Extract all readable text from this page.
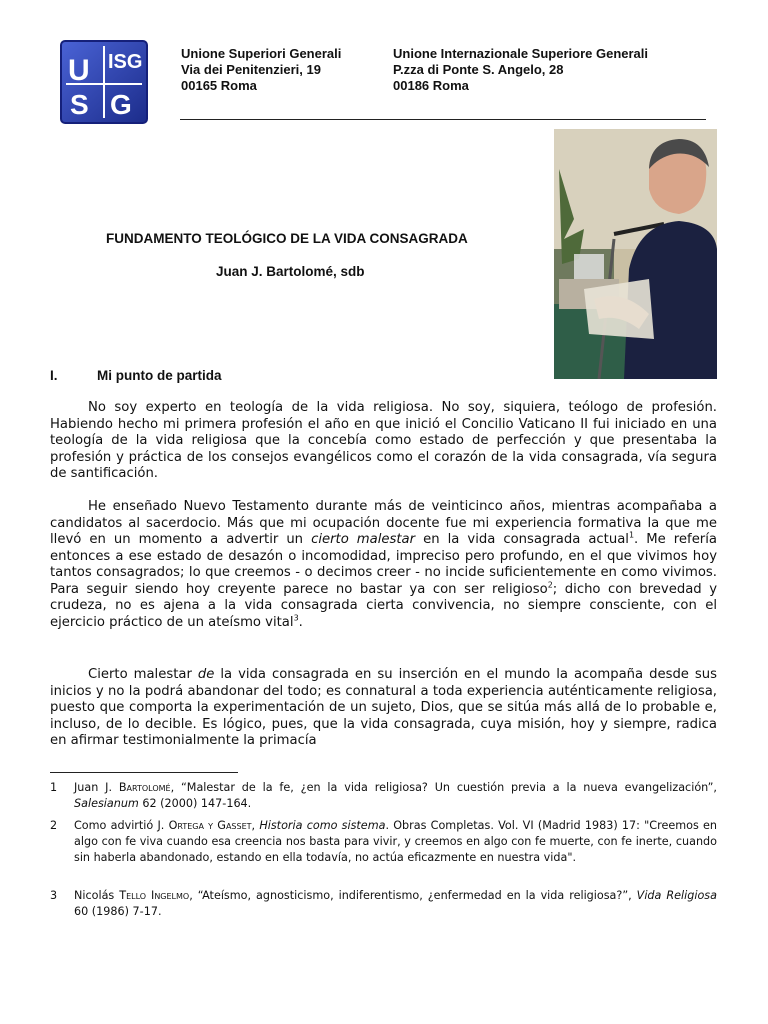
U ISG
S G
Unione Superiori Generali
Via dei Penitenzieri, 19
00165 Roma
Unione Internazionale Superiore Generali
P.zza di Ponte S. Angelo, 28
00186 Roma
FUNDAMENTO TEOLÓGICO DE LA VIDA CONSAGRADA
Juan J. Bartolomé, sdb
I.	Mi punto de partida

No soy experto en teología de la vida religiosa. No soy, siquiera, teólogo de profesión. Habiendo hecho mi primera profesión el año en que inició el Concilio Vaticano II fui iniciado en una teología de la vida religiosa que la concebía como estado de perfección y que presentaba la profesión y práctica de los consejos evangélicos como el corazón de la vida consagrada, vía segura de santificación.

He enseñado Nuevo Testamento durante más de veinticinco años, mientras acompañaba a candidatos al sacerdocio. Más que mi ocupación docente fue mi experiencia formativa la que me llevó en un momento a advertir un cierto malestar en la vida consagrada actual$^1$. Me refería entonces a ese estado de desazón o incomodidad, impreciso pero profundo, en el que vivimos hoy tantos consagrados; lo que creemos - o decimos creer - no incide suficientemente en como vivimos. Para seguir siendo hoy creyente parece no bastar ya con ser religioso$^2$; dicho con brevedad y crudeza, no es ajena a la vida consagrada cierta convivencia, no siempre consciente, con el ejercicio práctico de un ateísmo vital$^3$.

Cierto malestar de la vida consagrada en su inserción en el mundo la acompaña desde sus inicios y no la podrá abandonar del todo; es connatural a toda experiencia auténticamente religiosa, puesto que comporta la experimentación de un sujeto, Dios, que se sitúa más allá de lo probable e, incluso, de lo decible. Es lógico, pues, que la vida consagrada, cuya misión, hoy y siempre, radica en afirmar testimonialmente la primacía

1	Juan J. Bartolomé, “Malestar de la fe, ¿en la vida religiosa? Un cuestión previa a la nueva evangelización”, Salesianum 62 (2000) 147-164.
2	Como advirtió J. Ortega y Gasset, Historia como sistema. Obras Completas. Vol. VI (Madrid 1983) 17: "Creemos en algo con fe viva cuando esa creencia nos basta para vivir, y creemos en algo con fe muerte, con fe inerte, cuando sin haberla abandonado, estando en ella todavía, no actúa eficazmente en nuestra vida".
3	Nicolás Tello Ingelmo, “Ateísmo, agnosticismo, indiferentismo, ¿enfermedad en la vida religiosa?”, Vida Religiosa 60 (1986) 7-17.
